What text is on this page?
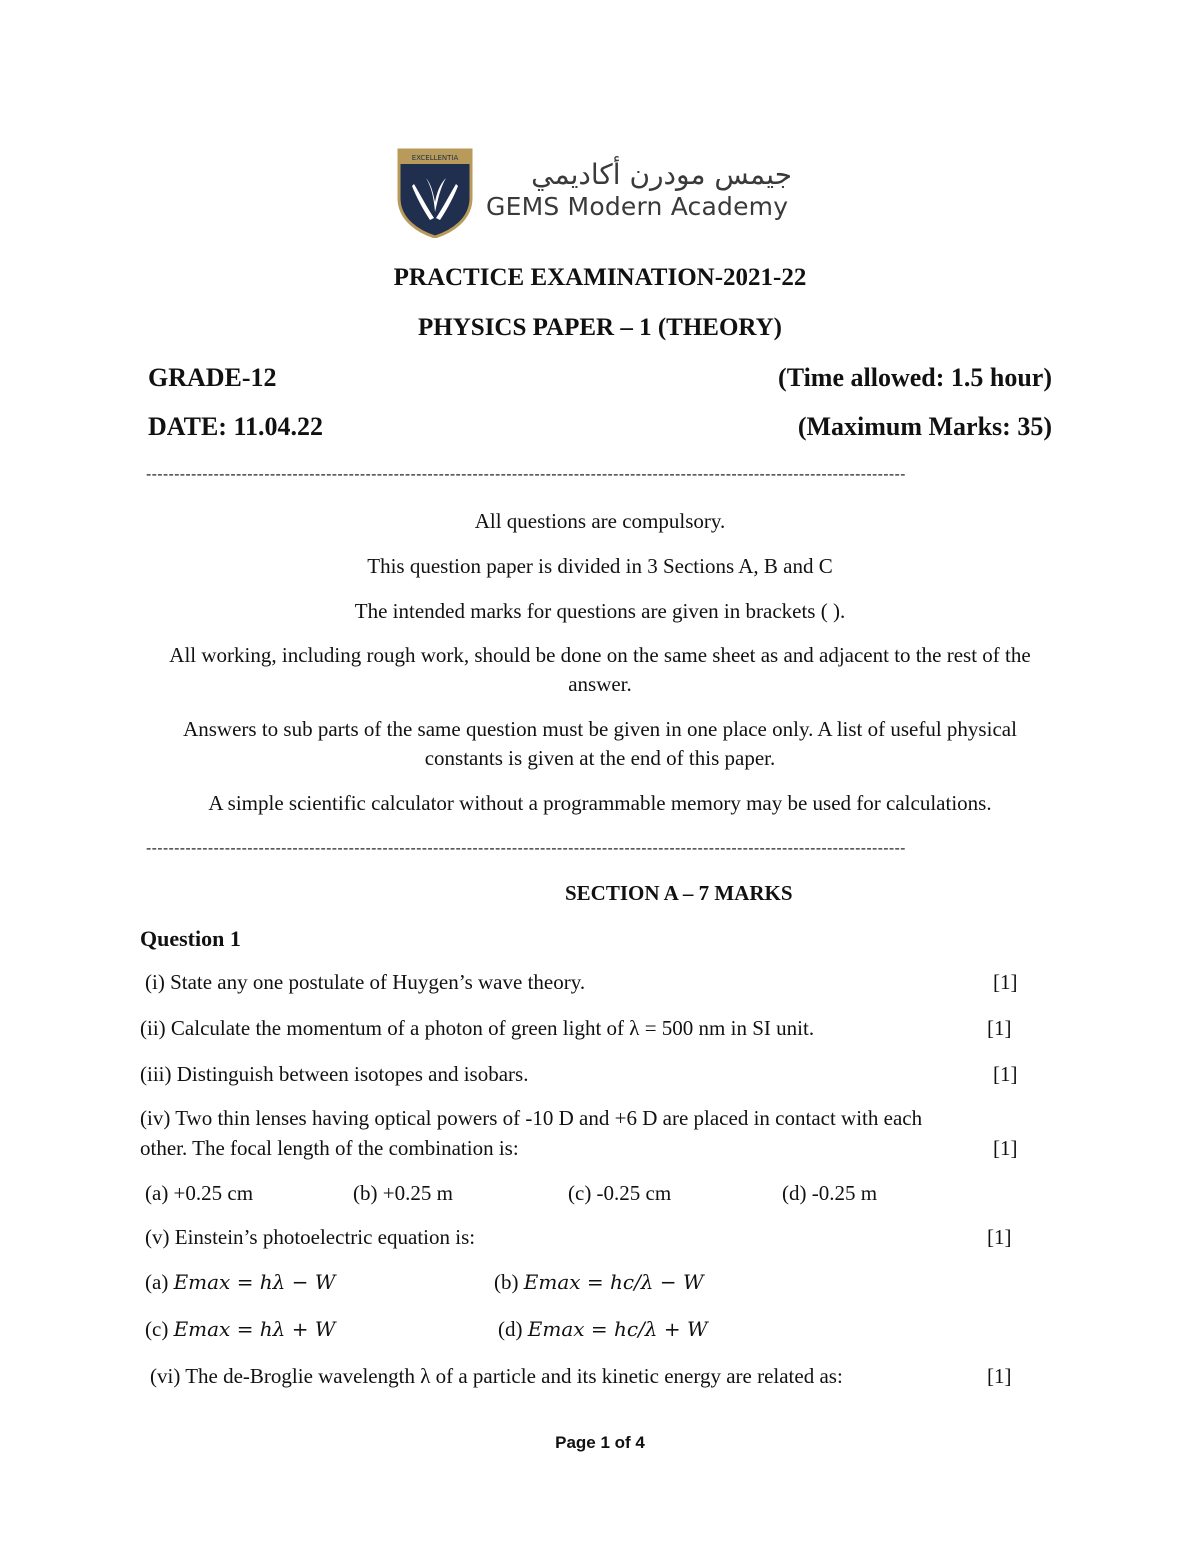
EXCELLENTIA	جيمس مودرن أكاديمي
GEMS Modern Academy
PRACTICE EXAMINATION-2021-22
PHYSICS PAPER – 1 (THEORY)
GRADE-12	(Time allowed: 1.5 hour)
DATE: 11.04.22	(Maximum Marks: 35)
---------------------------------------------------------------------------------------------------------------------------------------
All questions are compulsory.
This question paper is divided in 3 Sections A, B and C
The intended marks for questions are given in brackets ( ).
All working, including rough work, should be done on the same sheet as and adjacent to the rest of the answer.
Answers to sub parts of the same question must be given in one place only. A list of useful physical constants is given at the end of this paper.
A simple scientific calculator without a programmable memory may be used for calculations.
---------------------------------------------------------------------------------------------------------------------------------------
SECTION A – 7 MARKS
Question 1
(i) State any one postulate of Huygen’s wave theory.	[1]
(ii) Calculate the momentum of a photon of green light of λ = 500 nm in SI unit.	[1]
(iii) Distinguish between isotopes and isobars.	[1]
(iv) Two thin lenses having optical powers of -10 D and +6 D are placed in contact with each
other. The focal length of the combination is:	[1]
(a) +0.25 cm	(b) +0.25 m	(c) -0.25 cm	(d) -0.25 m
(v) Einstein’s photoelectric equation is:	[1]
(a) Emax = hλ − W	(b) Emax = hc/λ − W
(c) Emax = hλ + W	(d) Emax = hc/λ + W
(vi) The de-Broglie wavelength λ of a particle and its kinetic energy are related as:	[1]
Page 1 of 4
